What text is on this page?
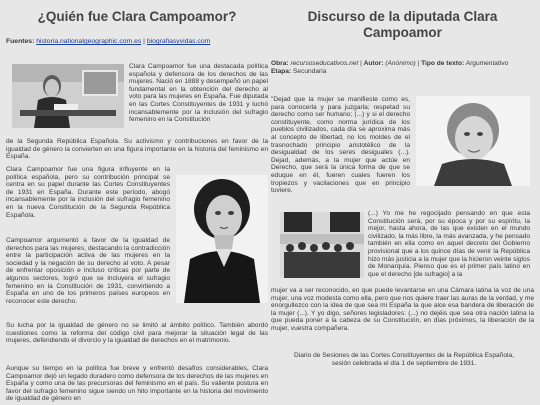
¿Quién fue Clara Campoamor?
Fuentes: historia.nationalgeographic.com.es | biografiasyvidas.com

Clara Campoamor fue una destacada política española y defensora de los derechos de las mujeres. Nació en 1888 y desempeñó un papel fundamental en la obtención del derecho al voto para las mujeres en España. Fue diputada en las Cortes Constituyentes de 1931 y luchó incansablemente por la inclusión del sufragio femenino en la Constitución

de la Segunda República Española. Su activismo y contribuciones en favor de la igualdad de género la convierten en una figura importante en la historia del feminismo en España.

Clara Campoamor fue una figura influyente en la política española, pero su contribución principal se centra en su papel durante las Cortes Constituyentes de 1931 en España. Durante este período, abogó incansablemente por la inclusión del sufragio femenino en la nueva Constitución de la Segunda República Española.

Campoamor argumentó a favor de la igualdad de derechos para las mujeres, destacando la contradicción entre la participación activa de las mujeres en la sociedad y la negación de su derecho al voto. A pesar de enfrentar oposición e incluso críticas por parte de algunos sectores, logró que se incluyera el sufragio femenino en la Constitución de 1931, convirtiendo a España en uno de los primeros países europeos en reconocer este derecho.

Su lucha por la igualdad de género no se limitó al ámbito político. También abordó cuestiones como la reforma del código civil para mejorar la situación legal de las mujeres, defendiendo el divorcio y la igualdad de derechos en el matrimonio.

Aunque su tiempo en la política fue breve y enfrentó desafíos considerables, Clara Campoamor dejó un legado duradero como defensora de los derechos de las mujeres en España y como una de las precursoras del feminismo en el país. Su valiente postura en favor del sufragio femenino sigue siendo un hito importante en la historia del movimiento de igualdad de género en

Discurso de la diputada Clara Campoamor
Obra: recursoseducativos.net | Autor: (Anónimo) | Tipo de texto: Argumentativo
Etapa: Secundaria

"Dejad que la mujer se manifieste como es, para conocerla y para juzgarla; respetad su derecho como ser humano; (...) y si el derecho constituyente, como norma jurídica de los pueblos civilizados, cada día se aproxima más al concepto de libertad, no los moldes de el trasnochado principio aristotélico de la desigualdad de los seres desiguales (...). Dejad, además, a la mujer que actúe en Derecho, que será la única forma de que se eduque en él, fueren cuales fueren los tropiezos y vacilaciones que en principio tuviere.

(...) Yo me he regocijado pensando en que esta Constitución será, por su época y por su espíritu, la mejor, hasta ahora, de las que existen en el mundo civilizado, la más libre, la más avanzada, y he pensado también en ella como en aquel decreto del Gobierno provisional que a los quince días de venir la República hizo más justicia a la mujer que la hicieron veinte siglos de Monarquía. Pienso que es el primer país latino en que el derecho [de sufragio] a la

mujer va a ser reconocido, en que puede levantarse en una Cámara latina la voz de una mujer, una voz modesta como ella, pero que nos quiere traer las auras de la verdad, y me enorgullezco con la idea de que sea mi España la que alce esa bandera de liberación de la mujer (...). Y yo digo, señores legisladores: (...) no dejéis que sea otra nación latina la que pueda poner a la cabeza de su Constitución, en días próximos, la liberación de la mujer, vuestra compañera.

Diario de Sesiones de las Cortes Constituyentes de la República Española, sesión celebrada el día 1 de septiembre de 1931.
